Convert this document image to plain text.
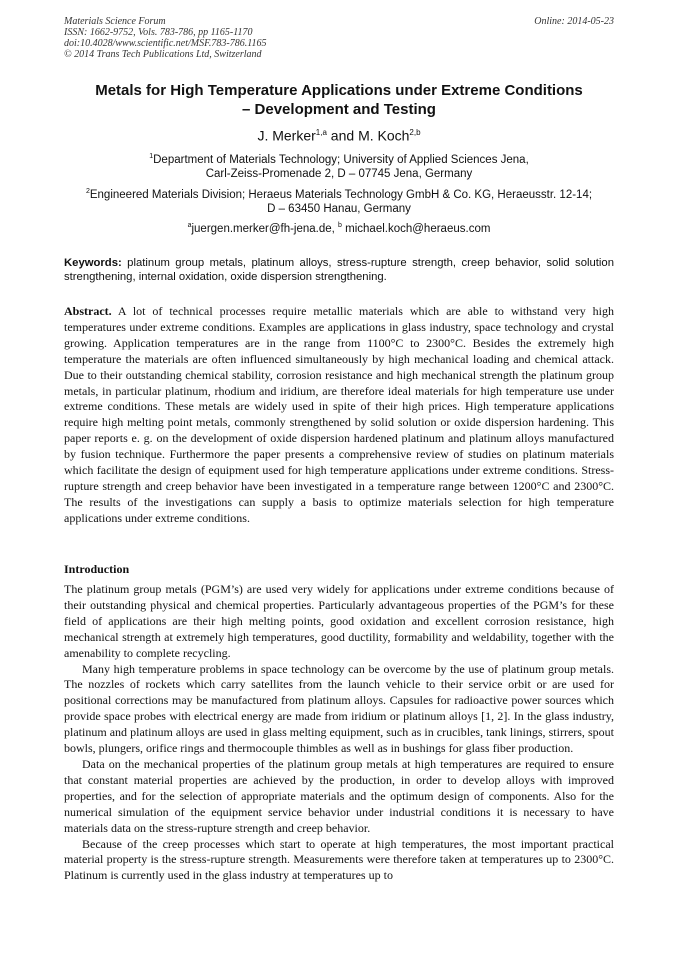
Materials Science Forum
ISSN: 1662-9752, Vols. 783-786, pp 1165-1170
doi:10.4028/www.scientific.net/MSF.783-786.1165
© 2014 Trans Tech Publications Ltd, Switzerland
Online: 2014-05-23
Metals for High Temperature Applications under Extreme Conditions
– Development and Testing
J. Merker$^{1,a}$ and M. Koch$^{2,b}$
$^1$Department of Materials Technology; University of Applied Sciences Jena,
Carl-Zeiss-Promenade 2, D – 07745 Jena, Germany
$^2$Engineered Materials Division; Heraeus Materials Technology GmbH & Co. KG, Heraeusstr. 12-14;
D – 63450 Hanau, Germany
$^a$juergen.merker@fh-jena.de, $^b$ michael.koch@heraeus.com
Keywords: platinum group metals, platinum alloys, stress-rupture strength, creep behavior, solid solution strengthening, internal oxidation, oxide dispersion strengthening.
Abstract. A lot of technical processes require metallic materials which are able to withstand very high temperatures under extreme conditions. Examples are applications in glass industry, space technology and crystal growing. Application temperatures are in the range from 1100°C to 2300°C. Besides the extremely high temperature the materials are often influenced simultaneously by high mechanical loading and chemical attack. Due to their outstanding chemical stability, corrosion resistance and high mechanical strength the platinum group metals, in particular platinum, rhodium and iridium, are therefore ideal materials for high temperature use under extreme conditions. These metals are widely used in spite of their high prices. High temperature applications require high melting point metals, commonly strengthened by solid solution or oxide dispersion hardening. This paper reports e. g. on the development of oxide dispersion hardened platinum and platinum alloys manufactured by fusion technique. Furthermore the paper presents a comprehensive review of studies on platinum materials which facilitate the design of equipment used for high temperature applications under extreme conditions. Stress-rupture strength and creep behavior have been investigated in a temperature range between 1200°C and 2300°C. The results of the investigations can supply a basis to optimize materials selection for high temperature applications under extreme conditions.
Introduction

The platinum group metals (PGM’s) are used very widely for applications under extreme conditions because of their outstanding physical and chemical properties. Particularly advantageous properties of the PGM’s for these field of applications are their high melting points, good oxidation and excellent corrosion resistance, high mechanical strength at extremely high temperatures, good ductility, formability and weldability, together with the amenability to complete recycling.

Many high temperature problems in space technology can be overcome by the use of platinum group metals. The nozzles of rockets which carry satellites from the launch vehicle to their service orbit or are used for positional corrections may be manufactured from platinum alloys. Capsules for radioactive power sources which provide space probes with electrical energy are made from iridium or platinum alloys [1, 2]. In the glass industry, platinum and platinum alloys are used in glass melting equipment, such as in crucibles, tank linings, stirrers, spout bowls, plungers, orifice rings and thermocouple thimbles as well as in bushings for glass fiber production.

Data on the mechanical properties of the platinum group metals at high temperatures are required to ensure that constant material properties are achieved by the production, in order to develop alloys with improved properties, and for the selection of appropriate materials and the optimum design of components. Also for the numerical simulation of the equipment service behavior under industrial conditions it is necessary to have materials data on the stress-rupture strength and creep behavior.

Because of the creep processes which start to operate at high temperatures, the most important practical material property is the stress-rupture strength. Measurements were therefore taken at temperatures up to 2300°C. Platinum is currently used in the glass industry at temperatures up to
